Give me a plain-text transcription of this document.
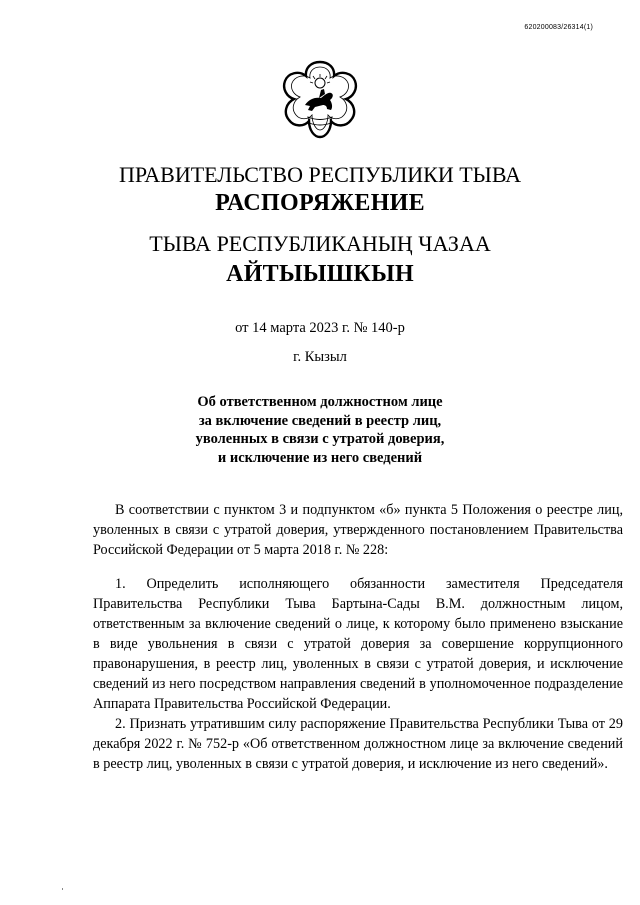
620200083/26314(1)
ПРАВИТЕЛЬСТВО РЕСПУБЛИКИ ТЫВА
РАСПОРЯЖЕНИЕ
ТЫВА РЕСПУБЛИКАНЫҢ ЧАЗАА
АЙТЫЫШКЫН
от 14 марта 2023 г. № 140-р
г. Кызыл
Об ответственном должностном лице
за включение сведений в реестр лиц,
уволенных в связи с утратой доверия,
и исключение из него сведений
В соответствии с пунктом 3 и подпунктом «б» пункта 5 Положения о реестре лиц, уволенных в связи с утратой доверия, утвержденного постановлением Правительства Российской Федерации от 5 марта 2018 г. № 228:
1. Определить исполняющего обязанности заместителя Председателя Правительства Республики Тыва Бартына-Сады В.М. должностным лицом, ответственным за включение сведений о лице, к которому было применено взыскание в виде увольнения в связи с утратой доверия за совершение коррупционного правонарушения, в реестр лиц, уволенных в связи с утратой доверия, и исключение сведений из него посредством направления сведений в уполномоченное подразделение Аппарата Правительства Российской Федерации.
2. Признать утратившим силу распоряжение Правительства Республики Тыва от 29 декабря 2022 г. № 752-р «Об ответственном должностном лице за включение сведений в реестр лиц, уволенных в связи с утратой доверия, и исключение из него сведений».
